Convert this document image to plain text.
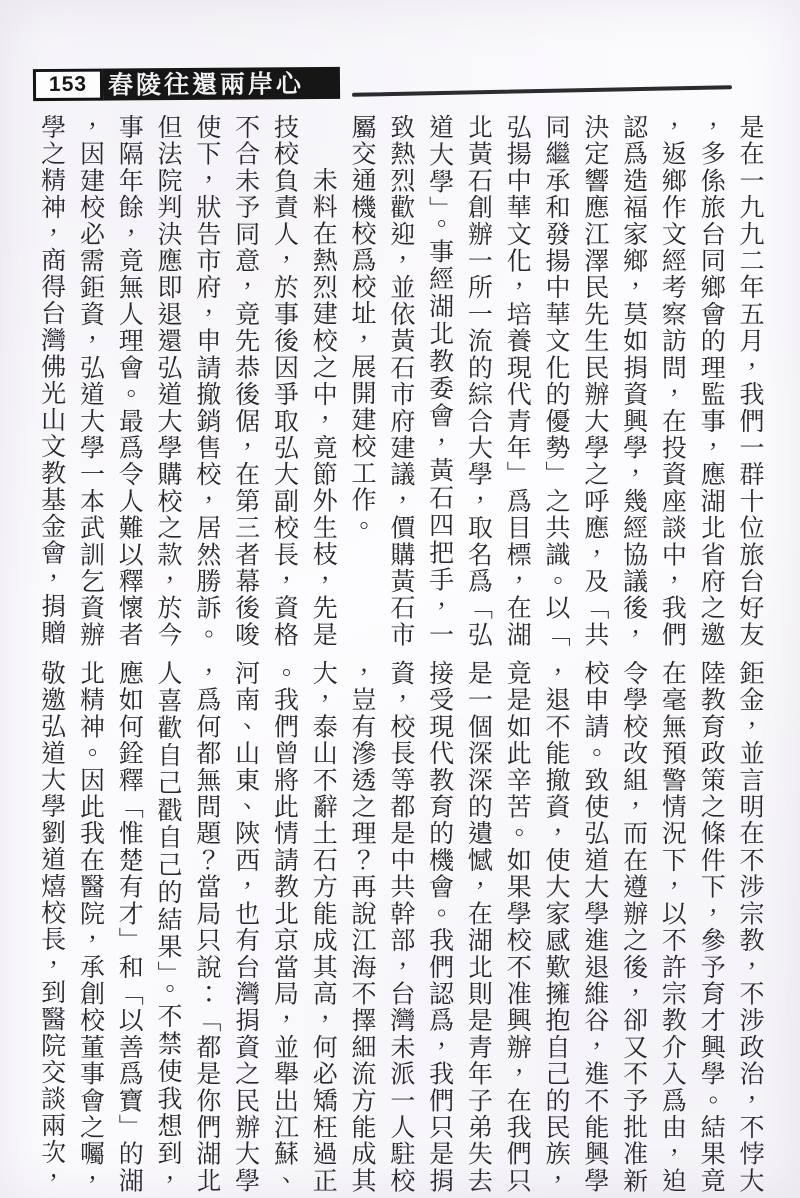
153 舂陵往還兩岸心

是在一九九二年五月，我們一群十位旅台好友，多係旅台同鄉會的理監事，應湖北省府之邀，返鄉作文經考察訪問，在投資座談中，我們認爲造福家鄉，莫如捐資興學，幾經協議後，決定響應江澤民先生民辦大學之呼應，及「共同繼承和發揚中華文化的優勢」之共識。以「弘揚中華文化，培養現代青年」爲目標，在湖北黃石創辦一所一流的綜合大學，取名爲「弘道大學」。事經湖北教委會，黃石四把手，一致熱烈歡迎，並依黃石市府建議，價購黃石市屬交通機校爲校址，展開建校工作。

未料在熱烈建校之中，竟節外生枝，先是技校負責人，於事後因爭取弘大副校長，資格不合未予同意，竟先恭後倨，在第三者幕後唆使下，狀告市府，申請撤銷售校，居然勝訴。但法院判決應即退還弘道大學購校之款，於今事隔年餘，竟無人理會。最爲令人難以釋懷者，因建校必需鉅資，弘道大學一本武訓乞資辦學之精神，商得台灣佛光山文教基金會，捐贈

鉅金，並言明在不涉宗教，不涉政治，不悖大陸教育政策之條件下，參予育才興學。結果竟在毫無預警情況下，以不許宗教介入爲由，迫令學校改組，而在遵辦之後，卻又不予批准新校申請。致使弘道大學進退維谷，進不能興學，退不能撤資，使大家感歎擁抱自己的民族，竟是如此辛苦。如果學校不准興辦，在我們只是一個深深的遺憾，在湖北則是青年子弟失去接受現代教育的機會。我們認爲，我們只是捐資，校長等都是中共幹部，台灣未派一人駐校，豈有滲透之理？再說江海不擇細流方能成其大，泰山不辭土石方能成其高，何必矯枉過正。我們曾將此情請教北京當局，並舉出江蘇、河南、山東、陝西，也有台灣捐資之民辦大學，爲何都無問題？當局只說：「都是你們湖北人喜歡自己戳自己的結果」。不禁使我想到，應如何銓釋「惟楚有才」和「以善爲寶」的湖北精神。因此我在醫院，承創校董事會之囑，敬邀弘道大學劉道熺校長，到醫院交談兩次，
